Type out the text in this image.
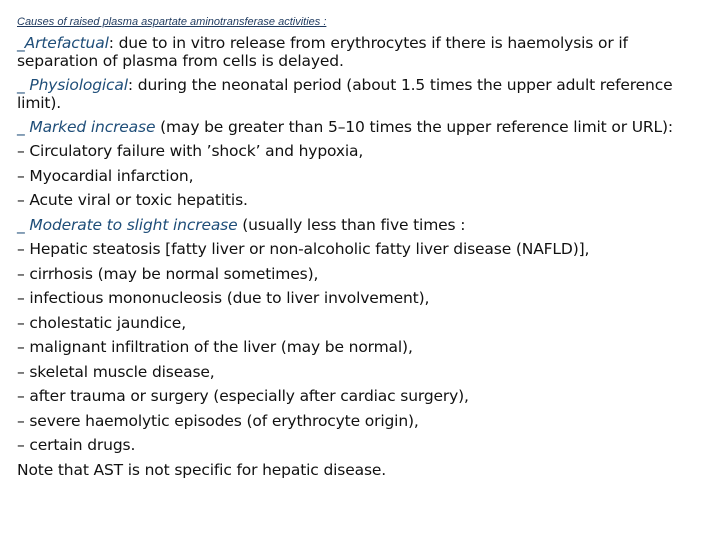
Causes of raised plasma aspartate aminotransferase activities :
_Artefactual: due to in vitro release from erythrocytes if there is haemolysis or if separation of plasma from cells is delayed.
_ Physiological: during the neonatal period (about 1.5 times the upper adult reference limit).
_ Marked increase (may be greater than 5–10 times the upper reference limit or URL):
– Circulatory failure with ’shock’ and hypoxia,
– Myocardial infarction,
– Acute viral or toxic hepatitis.
_ Moderate to slight increase (usually less than five times :
– Hepatic steatosis [fatty liver or non-alcoholic fatty liver disease (NAFLD)],
– cirrhosis (may be normal sometimes),
– infectious mononucleosis (due to liver involvement),
– cholestatic jaundice,
– malignant infiltration of the liver (may be normal),
– skeletal muscle disease,
– after trauma or surgery (especially after cardiac surgery),
– severe haemolytic episodes (of erythrocyte origin),
– certain drugs.
Note that AST is not specific for hepatic disease.
